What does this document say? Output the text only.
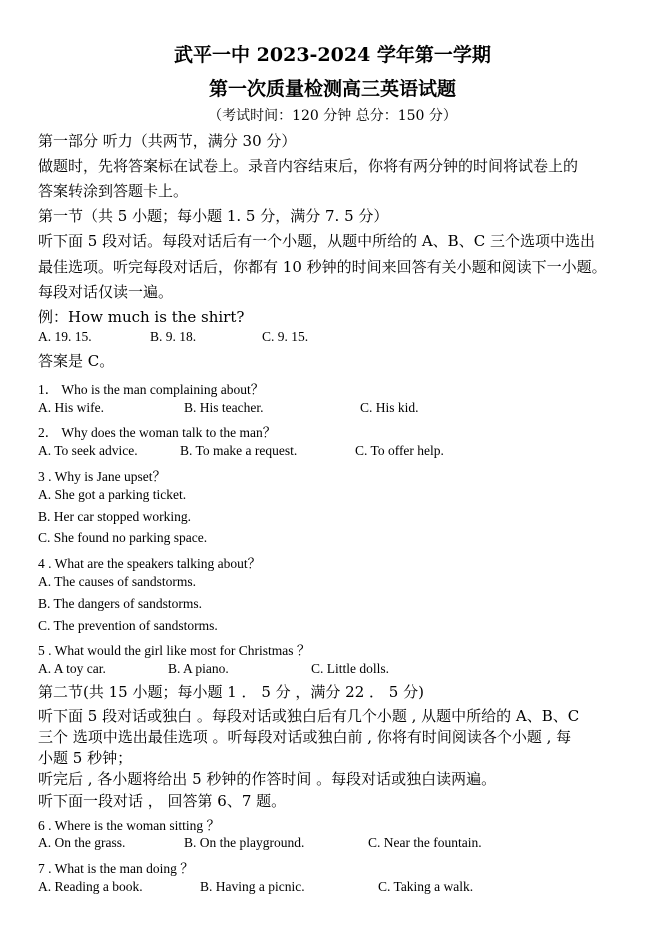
武平一中 2023-2024 学年第一学期
第一次质量检测高三英语试题
（考试时间：120 分钟 总分：150 分）
第一部分 听力（共两节，满分 30 分）
做题时，先将答案标在试卷上。录音内容结束后，你将有两分钟的时间将试卷上的
答案转涂到答题卡上。
第一节（共 5 小题；每小题 1. 5 分，满分 7. 5 分）
听下面 5 段对话。每段对话后有一个小题，从题中所给的 A、B、C 三个选项中选出
最佳选项。听完每段对话后，你都有 10 秒钟的时间来回答有关小题和阅读下一小题。
每段对话仅读一遍。
例：How much is the shirt?
A. 19. 15.	B. 9. 18.	C. 9. 15.
答案是 C。
1． Who is the man complaining about？
A. His wife.	B. His teacher.	C. His kid.
2． Why does the woman talk to the man？
A. To seek advice.	B. To make a request.	C. To offer help.
3 . Why is Jane upset？
A. She got a parking ticket.
B. Her car stopped working.
C. She found no parking space.
4 . What are the speakers talking about？
A. The causes of sandstorms.
B. The dangers of sandstorms.
C. The prevention of sandstorms.
5 . What would the girl like most for Christmas ？
A. A toy car.	B. A piano.	C. Little dolls.
第二节(共 15 小题；每小题 1 ． 5 分 ，满分 22 ． 5 分)
听下面 5 段对话或独白 。每段对话或独白后有几个小题 , 从题中所给的 A、B、C
三个 选项中选出最佳选项 。听每段对话或独白前 , 你将有时间阅读各个小题 , 每
小题 5 秒钟；
听完后 , 各小题将给出 5 秒钟的作答时间 。每段对话或独白读两遍。
听下面一段对话 ， 回答第 6、7 题。
6 . Where is the woman sitting ？
A. On the grass.	B. On the playground.	C. Near the fountain.
7 . What is the man doing ？
A. Reading a book.	B. Having a picnic.	C. Taking a walk.
